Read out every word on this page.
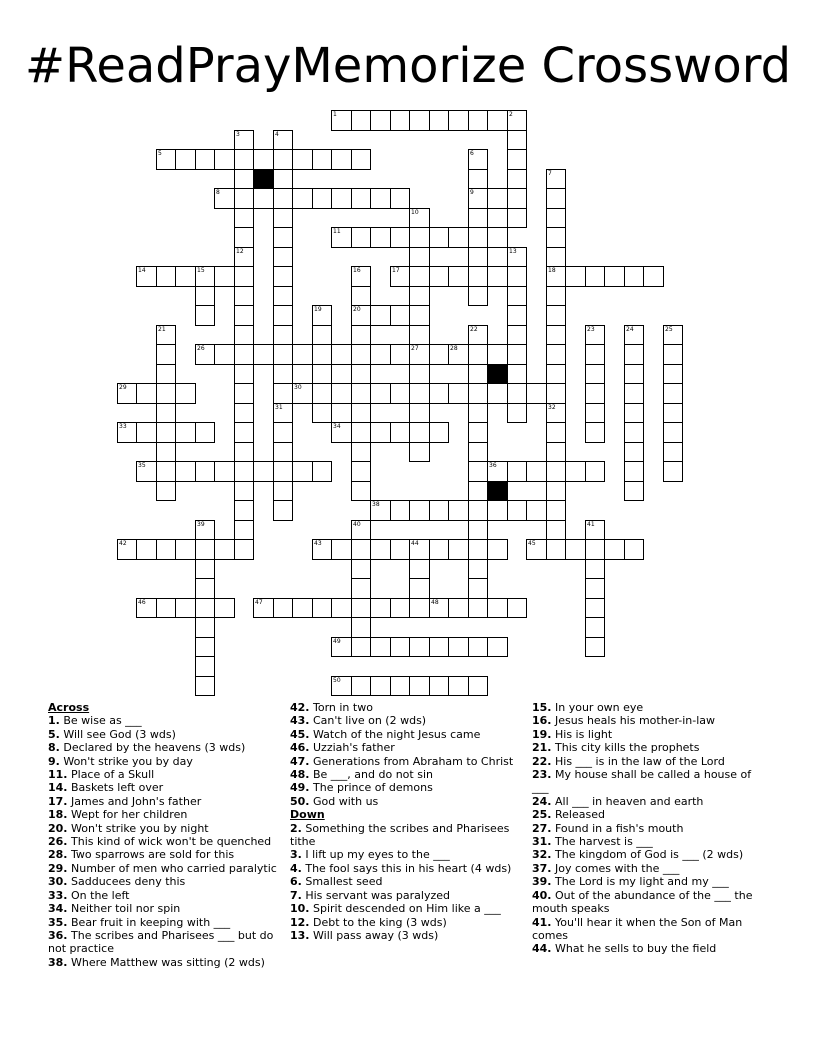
#ReadPrayMemorize Crossword
1
5
8	9
11
14	15	17	18
20
26	27	28
29	30
33	34
35	36
38
42	43	44	45
46	47	48
49
50
2
3	4
31
6
7
32
10
12	13
16
19
21	22	23	24	25
39	40	41

Across

1. Be wise as ___

5. Will see God (3 wds)

8. Declared by the heavens (3 wds)

9. Won't strike you by day

11. Place of a Skull

14. Baskets left over

17. James and John's father

18. Wept for her children

20. Won't strike you by night

26. This kind of wick won't be quenched

28. Two sparrows are sold for this

29. Number of men who carried paralytic

30. Sadducees deny this

33. On the left

34. Neither toil nor spin

35. Bear fruit in keeping with ___

36. The scribes and Pharisees ___ but do not practice

38. Where Matthew was sitting (2 wds)

42. Torn in two

43. Can't live on (2 wds)

45. Watch of the night Jesus came

46. Uzziah's father

47. Generations from Abraham to Christ

48. Be ___, and do not sin

49. The prince of demons

50. God with us

Down

2. Something the scribes and Pharisees tithe

3. I lift up my eyes to the ___

4. The fool says this in his heart (4 wds)

6. Smallest seed

7. His servant was paralyzed

10. Spirit descended on Him like a ___

12. Debt to the king (3 wds)

13. Will pass away (3 wds)

15. In your own eye

16. Jesus heals his mother-in-law

19. His is light

21. This city kills the prophets

22. His ___ is in the law of the Lord

23. My house shall be called a house of ___

24. All ___ in heaven and earth

25. Released

27. Found in a fish's mouth

31. The harvest is ___

32. The kingdom of God is ___ (2 wds)

37. Joy comes with the ___

39. The Lord is my light and my ___

40. Out of the abundance of the ___ the mouth speaks

41. You'll hear it when the Son of Man comes

44. What he sells to buy the field
